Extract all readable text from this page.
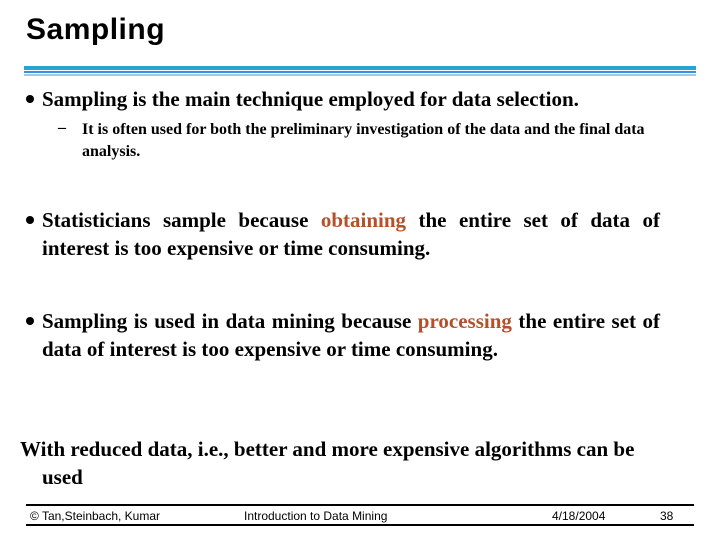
Sampling
Sampling is the main technique employed for data selection.
– It is often used for both the preliminary investigation of the data and the final data analysis.
Statisticians sample because obtaining the entire set of data of interest is too expensive or time consuming.
Sampling is used in data mining because processing the entire set of data of interest is too expensive or time consuming.
With reduced data, i.e., better and more expensive algorithms can be used
© Tan,Steinbach, Kumar	Introduction to Data Mining	4/18/2004	38
